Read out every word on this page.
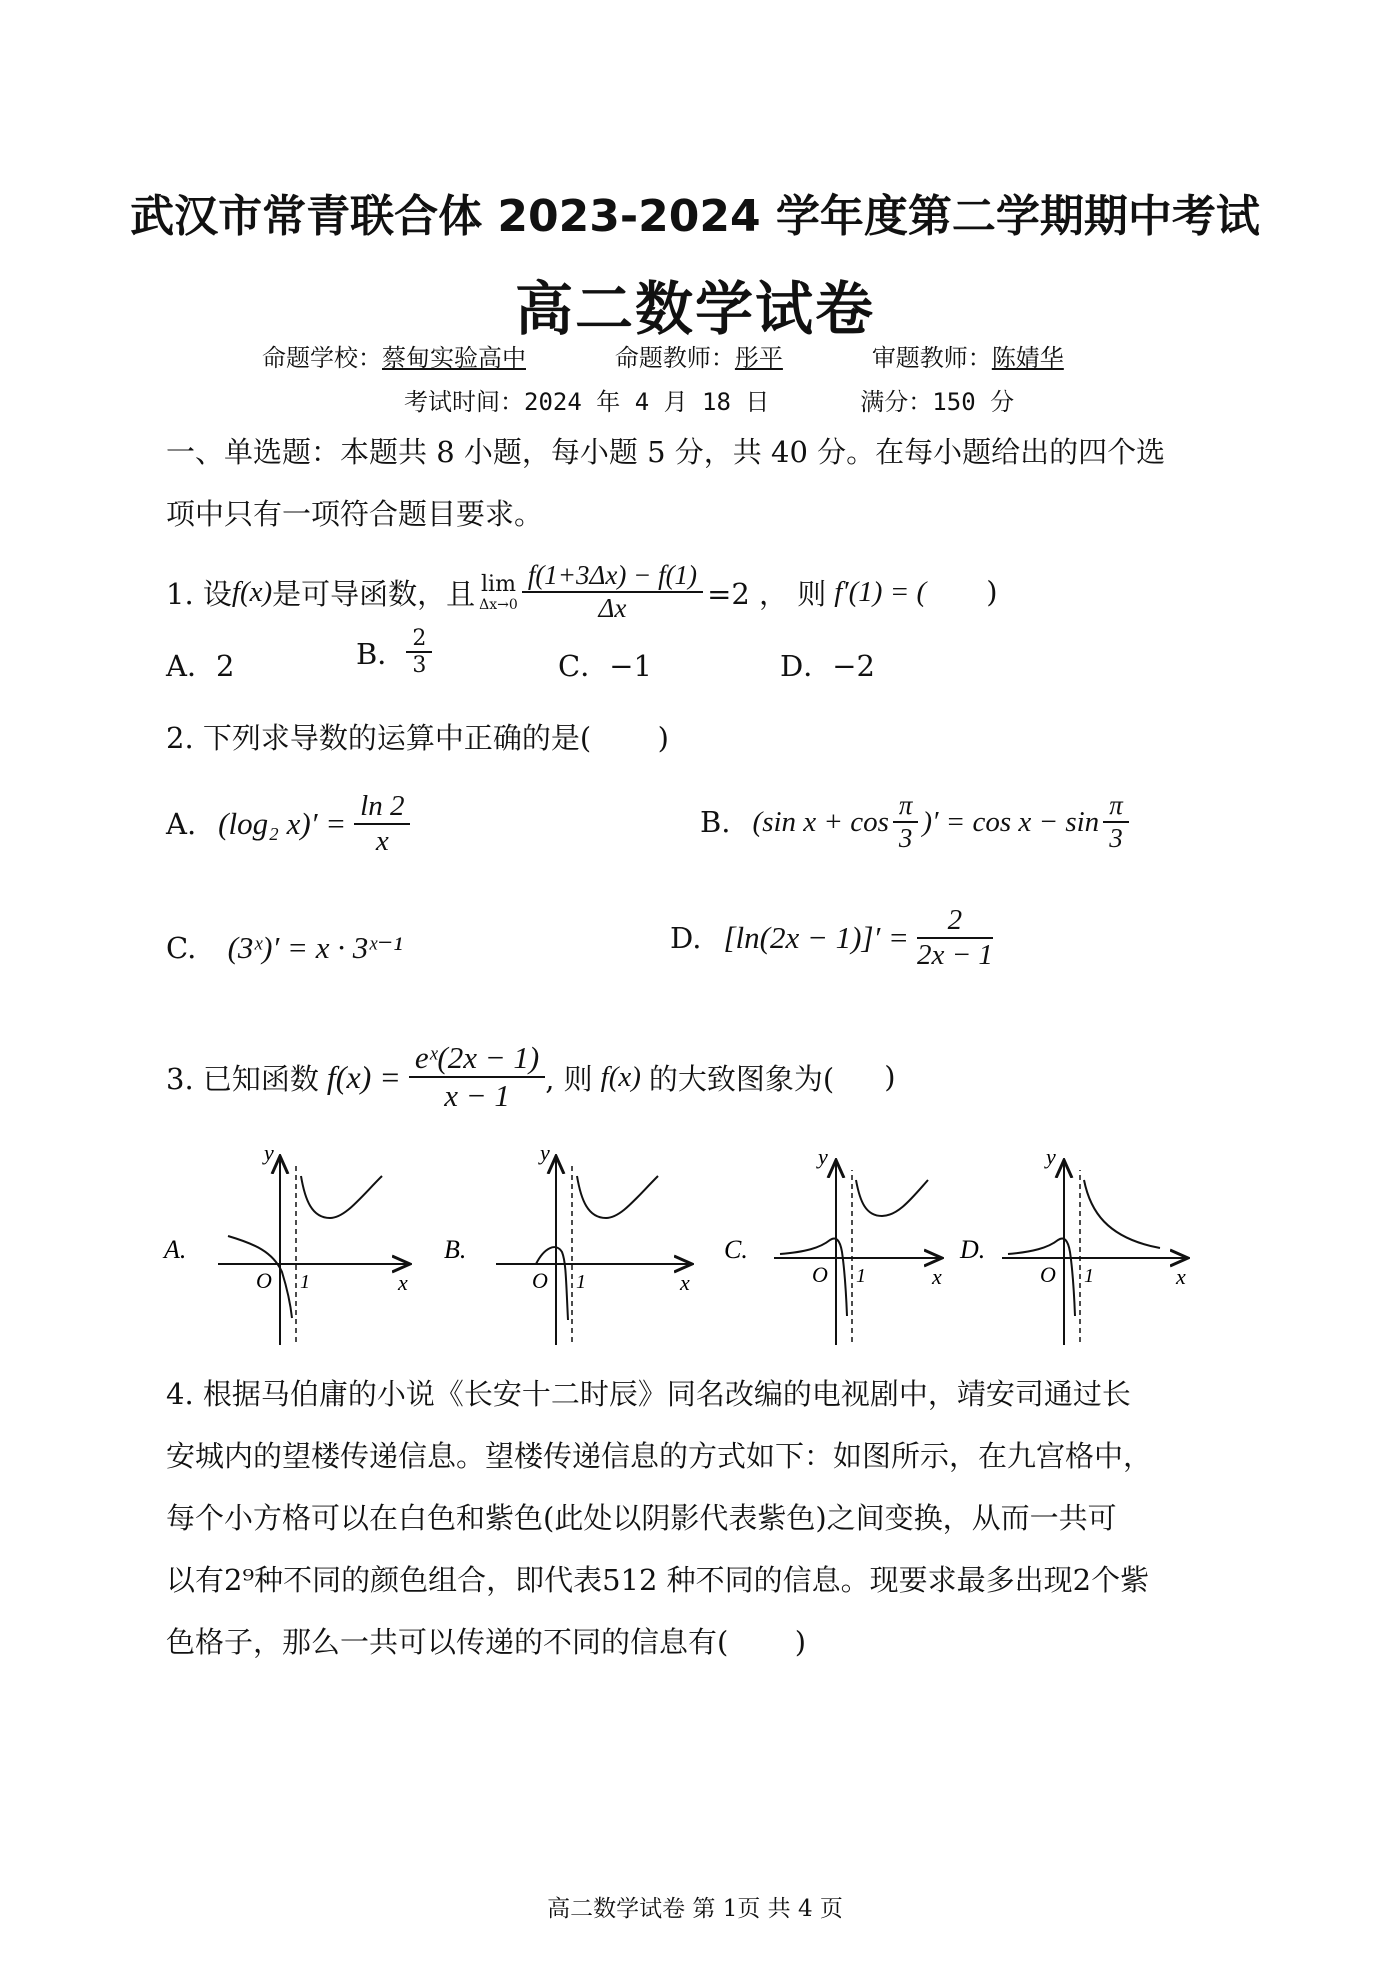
武汉市常青联合体 2023-2024 学年度第二学期期中考试
高二数学试卷
命题学校：蔡甸实验高中	命题教师：彤平	审题教师：陈婧华
考试时间：2024 年 4 月 18 日	满分：150 分
一、单选题：本题共 8 小题，每小题 5 分，共 40 分。在每小题给出的四个选
项中只有一项符合题目要求。
1. 设 f(x) 是可导函数，且 lim
$\Delta x\to 0 \frac{f(1+3\Delta x) - f(1)}{\Delta x} =2$ ， 则 f′(1) = ( )
A．2	B． $\frac{2}{3}$	C．−1	D．−2
2. 下列求导数的运算中正确的是( )
A. (log₂ $x)' = \frac{\ln 2}{x}$	B. (sin $x + \cos \frac{\pi}{3}$ )′ = $\cos x - \sin \frac{\pi}{3}$
C. (3ˣ)′ = x · 3ˣ⁻¹	D. $[\ln(2x - 1)]' = \frac{2}{2x - 1}$
3. 已知函数 $f(x) = \frac{\text{eˣ(2x − 1)}}{x - 1}$ , 则 f(x) 的大致图象为( )
A.
O 1	x
y
B.
O 1	x
y
C.
O 1	x
y
D.
O 1	x
y
4. 根据马伯庸的小说《长安十二时辰》同名改编的电视剧中，靖安司通过长
安城内的望楼传递信息。望楼传递信息的方式如下：如图所示，在九宫格中，
每个小方格可以在白色和紫色(此处以阴影代表紫色)之间变换，从而一共可
以有2⁹种不同的颜色组合，即代表512 种不同的信息。现要求最多出现2个紫
色格子，那么一共可以传递的不同的信息有( )
高二数学试卷 第 1页 共 4 页
